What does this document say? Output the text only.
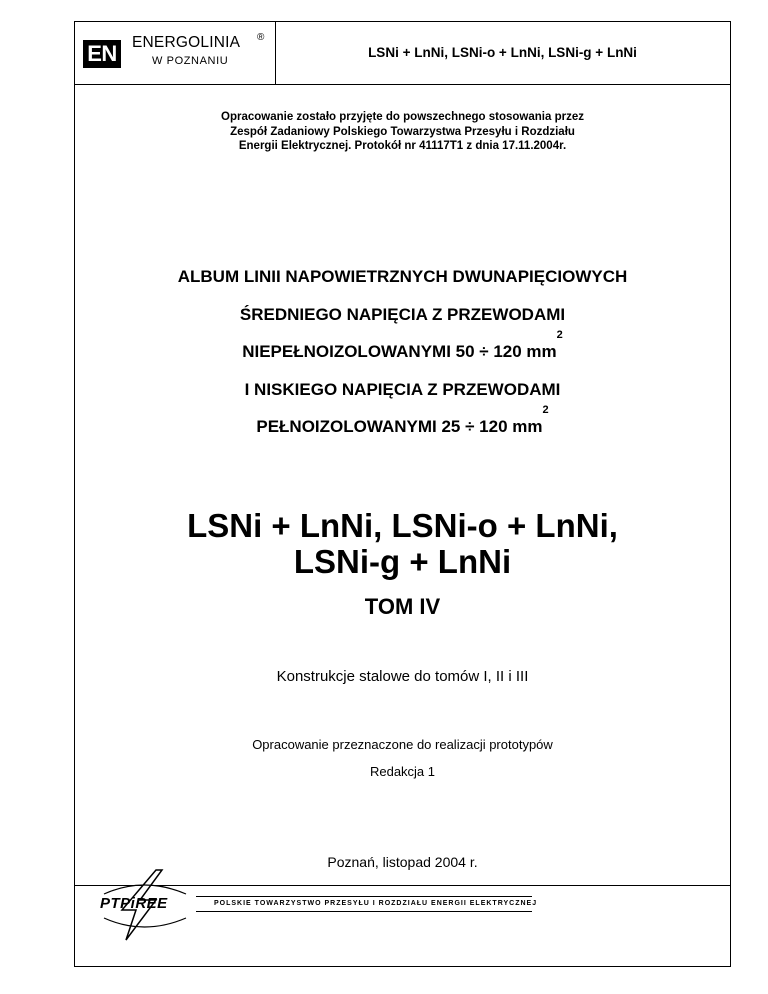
EN ENERGOLINIA ®
W POZNANIU
LSNi + LnNi, LSNi-o + LnNi, LSNi-g + LnNi
Opracowanie zostało przyjęte do powszechnego stosowania przez
Zespół Zadaniowy Polskiego Towarzystwa Przesyłu i Rozdziału
Energii Elektrycznej. Protokół nr 41117T1 z dnia 17.11.2004r.
ALBUM LINII NAPOWIETRZNYCH DWUNAPIĘCIOWYCH
ŚREDNIEGO NAPIĘCIA Z PRZEWODAMI
NIEPEŁNOIZOLOWANYMI 50 ÷ 120 $mm^2$
I NISKIEGO NAPIĘCIA Z PRZEWODAMI
PEŁNOIZOLOWANYMI 25 ÷ 120 $mm^2$
LSNi + LnNi, LSNi-o + LnNi,
LSNi-g + LnNi
TOM IV
Konstrukcje stalowe do tomów I, II i III
Opracowanie przeznaczone do realizacji prototypów
Redakcja 1
Poznań, listopad 2004 r.
PTPiREE	POLSKIE TOWARZYSTWO PRZESYŁU I ROZDZIAŁU ENERGII ELEKTRYCZNEJ
